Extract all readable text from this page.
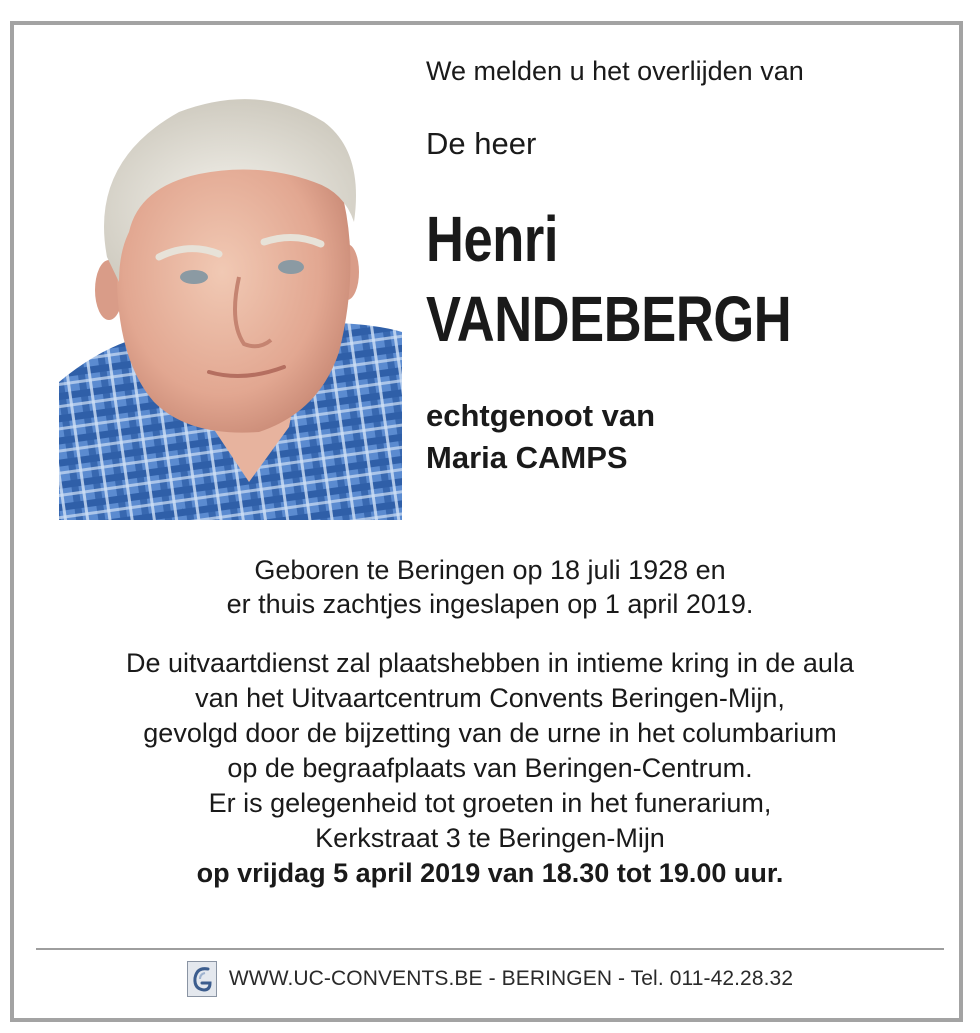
We melden u het overlijden van
De heer
Henri
VANDEBERGH
echtgenoot van
Maria CAMPS
Geboren te Beringen op 18 juli 1928 en
er thuis zachtjes ingeslapen op 1 april 2019.
De uitvaartdienst zal plaatshebben in intieme kring in de aula
van het Uitvaartcentrum Convents Beringen-Mijn,
gevolgd door de bijzetting van de urne in het columbarium
op de begraafplaats van Beringen-Centrum.
Er is gelegenheid tot groeten in het funerarium,
Kerkstraat 3 te Beringen-Mijn
op vrijdag 5 april 2019 van 18.30 tot 19.00 uur.
WWW.UC-CONVENTS.BE - BERINGEN - Tel. 011-42.28.32
